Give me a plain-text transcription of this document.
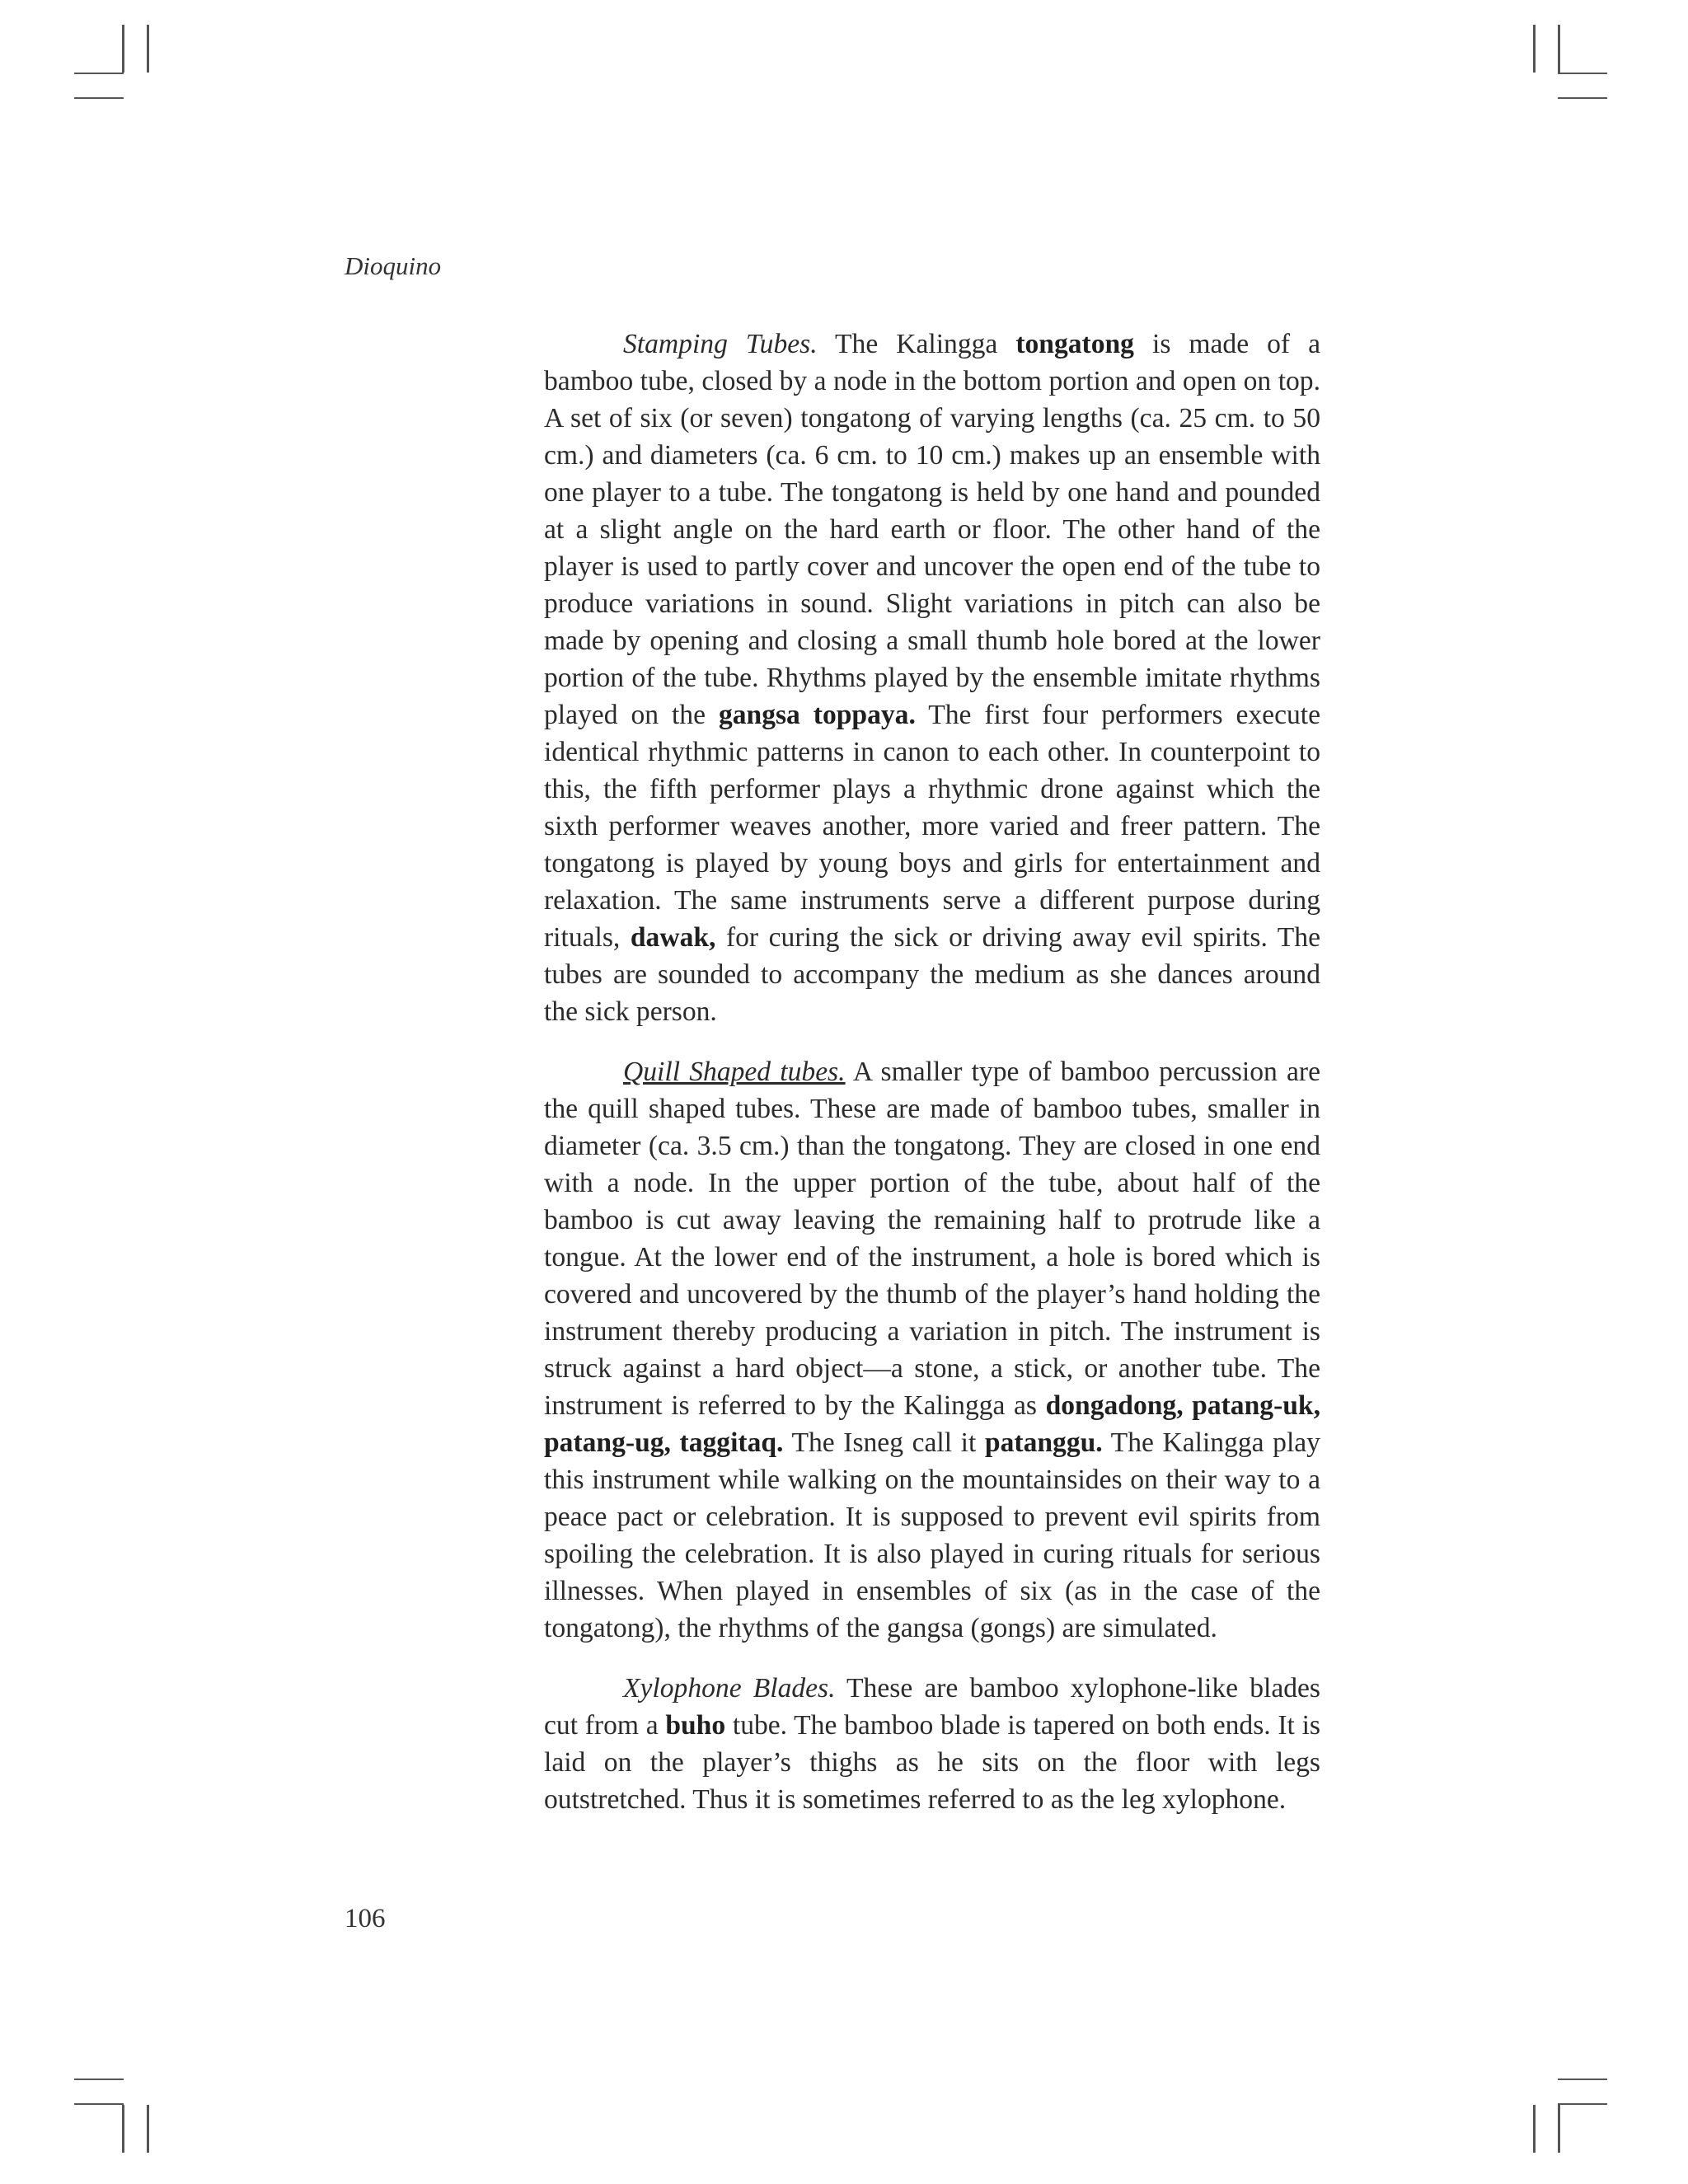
Dioquino

Stamping Tubes. The Kalingga tongatong is made of a bamboo tube, closed by a node in the bottom portion and open on top. A set of six (or seven) tongatong of varying lengths (ca. 25 cm. to 50 cm.) and diameters (ca. 6 cm. to 10 cm.) makes up an ensemble with one player to a tube. The tongatong is held by one hand and pounded at a slight angle on the hard earth or floor. The other hand of the player is used to partly cover and uncover the open end of the tube to produce variations in sound. Slight variations in pitch can also be made by opening and closing a small thumb hole bored at the lower portion of the tube. Rhythms played by the ensemble imitate rhythms played on the gangsa toppaya. The first four performers execute identical rhythmic patterns in canon to each other. In counterpoint to this, the fifth performer plays a rhythmic drone against which the sixth performer weaves another, more varied and freer pattern. The tongatong is played by young boys and girls for entertainment and relaxation. The same instruments serve a different purpose during rituals, dawak, for curing the sick or driving away evil spirits. The tubes are sounded to accompany the medium as she dances around the sick person.

Quill Shaped tubes. A smaller type of bamboo percussion are the quill shaped tubes. These are made of bamboo tubes, smaller in diameter (ca. 3.5 cm.) than the tongatong. They are closed in one end with a node. In the upper portion of the tube, about half of the bamboo is cut away leaving the remaining half to protrude like a tongue. At the lower end of the instrument, a hole is bored which is covered and uncovered by the thumb of the player’s hand holding the instrument thereby producing a variation in pitch. The instrument is struck against a hard object—a stone, a stick, or another tube. The instrument is referred to by the Kalingga as dongadong, patang-uk, patang-ug, taggitaq. The Isneg call it patanggu. The Kalingga play this instrument while walking on the mountainsides on their way to a peace pact or celebration. It is supposed to prevent evil spirits from spoiling the celebration. It is also played in curing rituals for serious illnesses. When played in ensembles of six (as in the case of the tongatong), the rhythms of the gangsa (gongs) are simulated.

Xylophone Blades. These are bamboo xylophone-like blades cut from a buho tube. The bamboo blade is tapered on both ends. It is laid on the player’s thighs as he sits on the floor with legs outstretched. Thus it is sometimes referred to as the leg xylophone.

106
